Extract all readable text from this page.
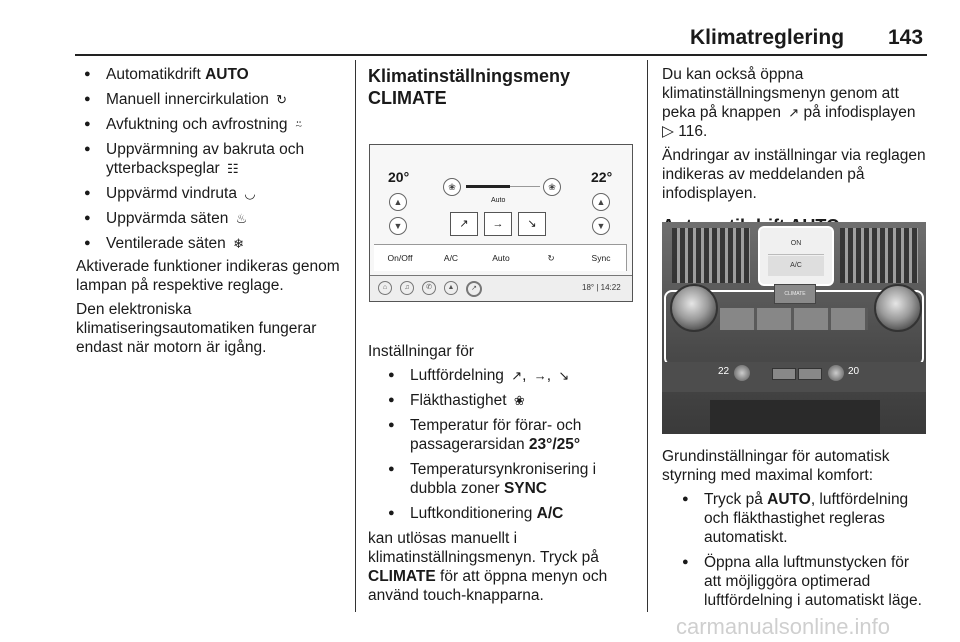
Klimatreglering 143
● Automatikdrift AUTO
● Manuell innercirkulation ↻
● Avfuktning och avfrostning ⍨
● Uppvärmning av bakruta och ytterbackspeglar ☷
● Uppvärmd vindruta ◡
● Uppvärmda säten ♨
● Ventilerade säten ❄
Aktiverade funktioner indikeras genom lampan på respektive reglage.
Den elektroniska klimatiseringsautomatiken fungerar endast när motorn är igång.
Klimatinställningsmeny
CLIMATE
20°	22°
❀	❀
▲
▼
▲
▼
Auto
↗	→	↘
On/Off	A/C	Auto	↻	Sync
⌂	♫	✆	▲	↗	18° | 14:22
Inställningar för
● Luftfördelning ↗, →, ↘
● Fläkthastighet ❀
● Temperatur för förar- och passagerarsidan 23°/25°
● Temperatursynkronisering i dubbla zoner SYNC
● Luftkonditionering A/C
kan utlösas manuellt i klimatinställningsmenyn. Tryck på CLIMATE för att öppna menyn och använd touch-knapparna.
Du kan också öppna klimatinställningsmenyn genom att peka på knappen ↗ på infodisplayen ▷ 116.
Ändringar av inställningar via reglagen indikeras av meddelanden på infodisplayen.
ON
A/C
CLIMATE
22	20
Grundinställningar för automatisk styrning med maximal komfort:
● Tryck på AUTO, luftfördelning och fläkthastighet regleras automatiskt.
● Öppna alla luftmunstycken för att möjliggöra optimerad luftfördelning i automatiskt läge.
carmanualsonline.info
